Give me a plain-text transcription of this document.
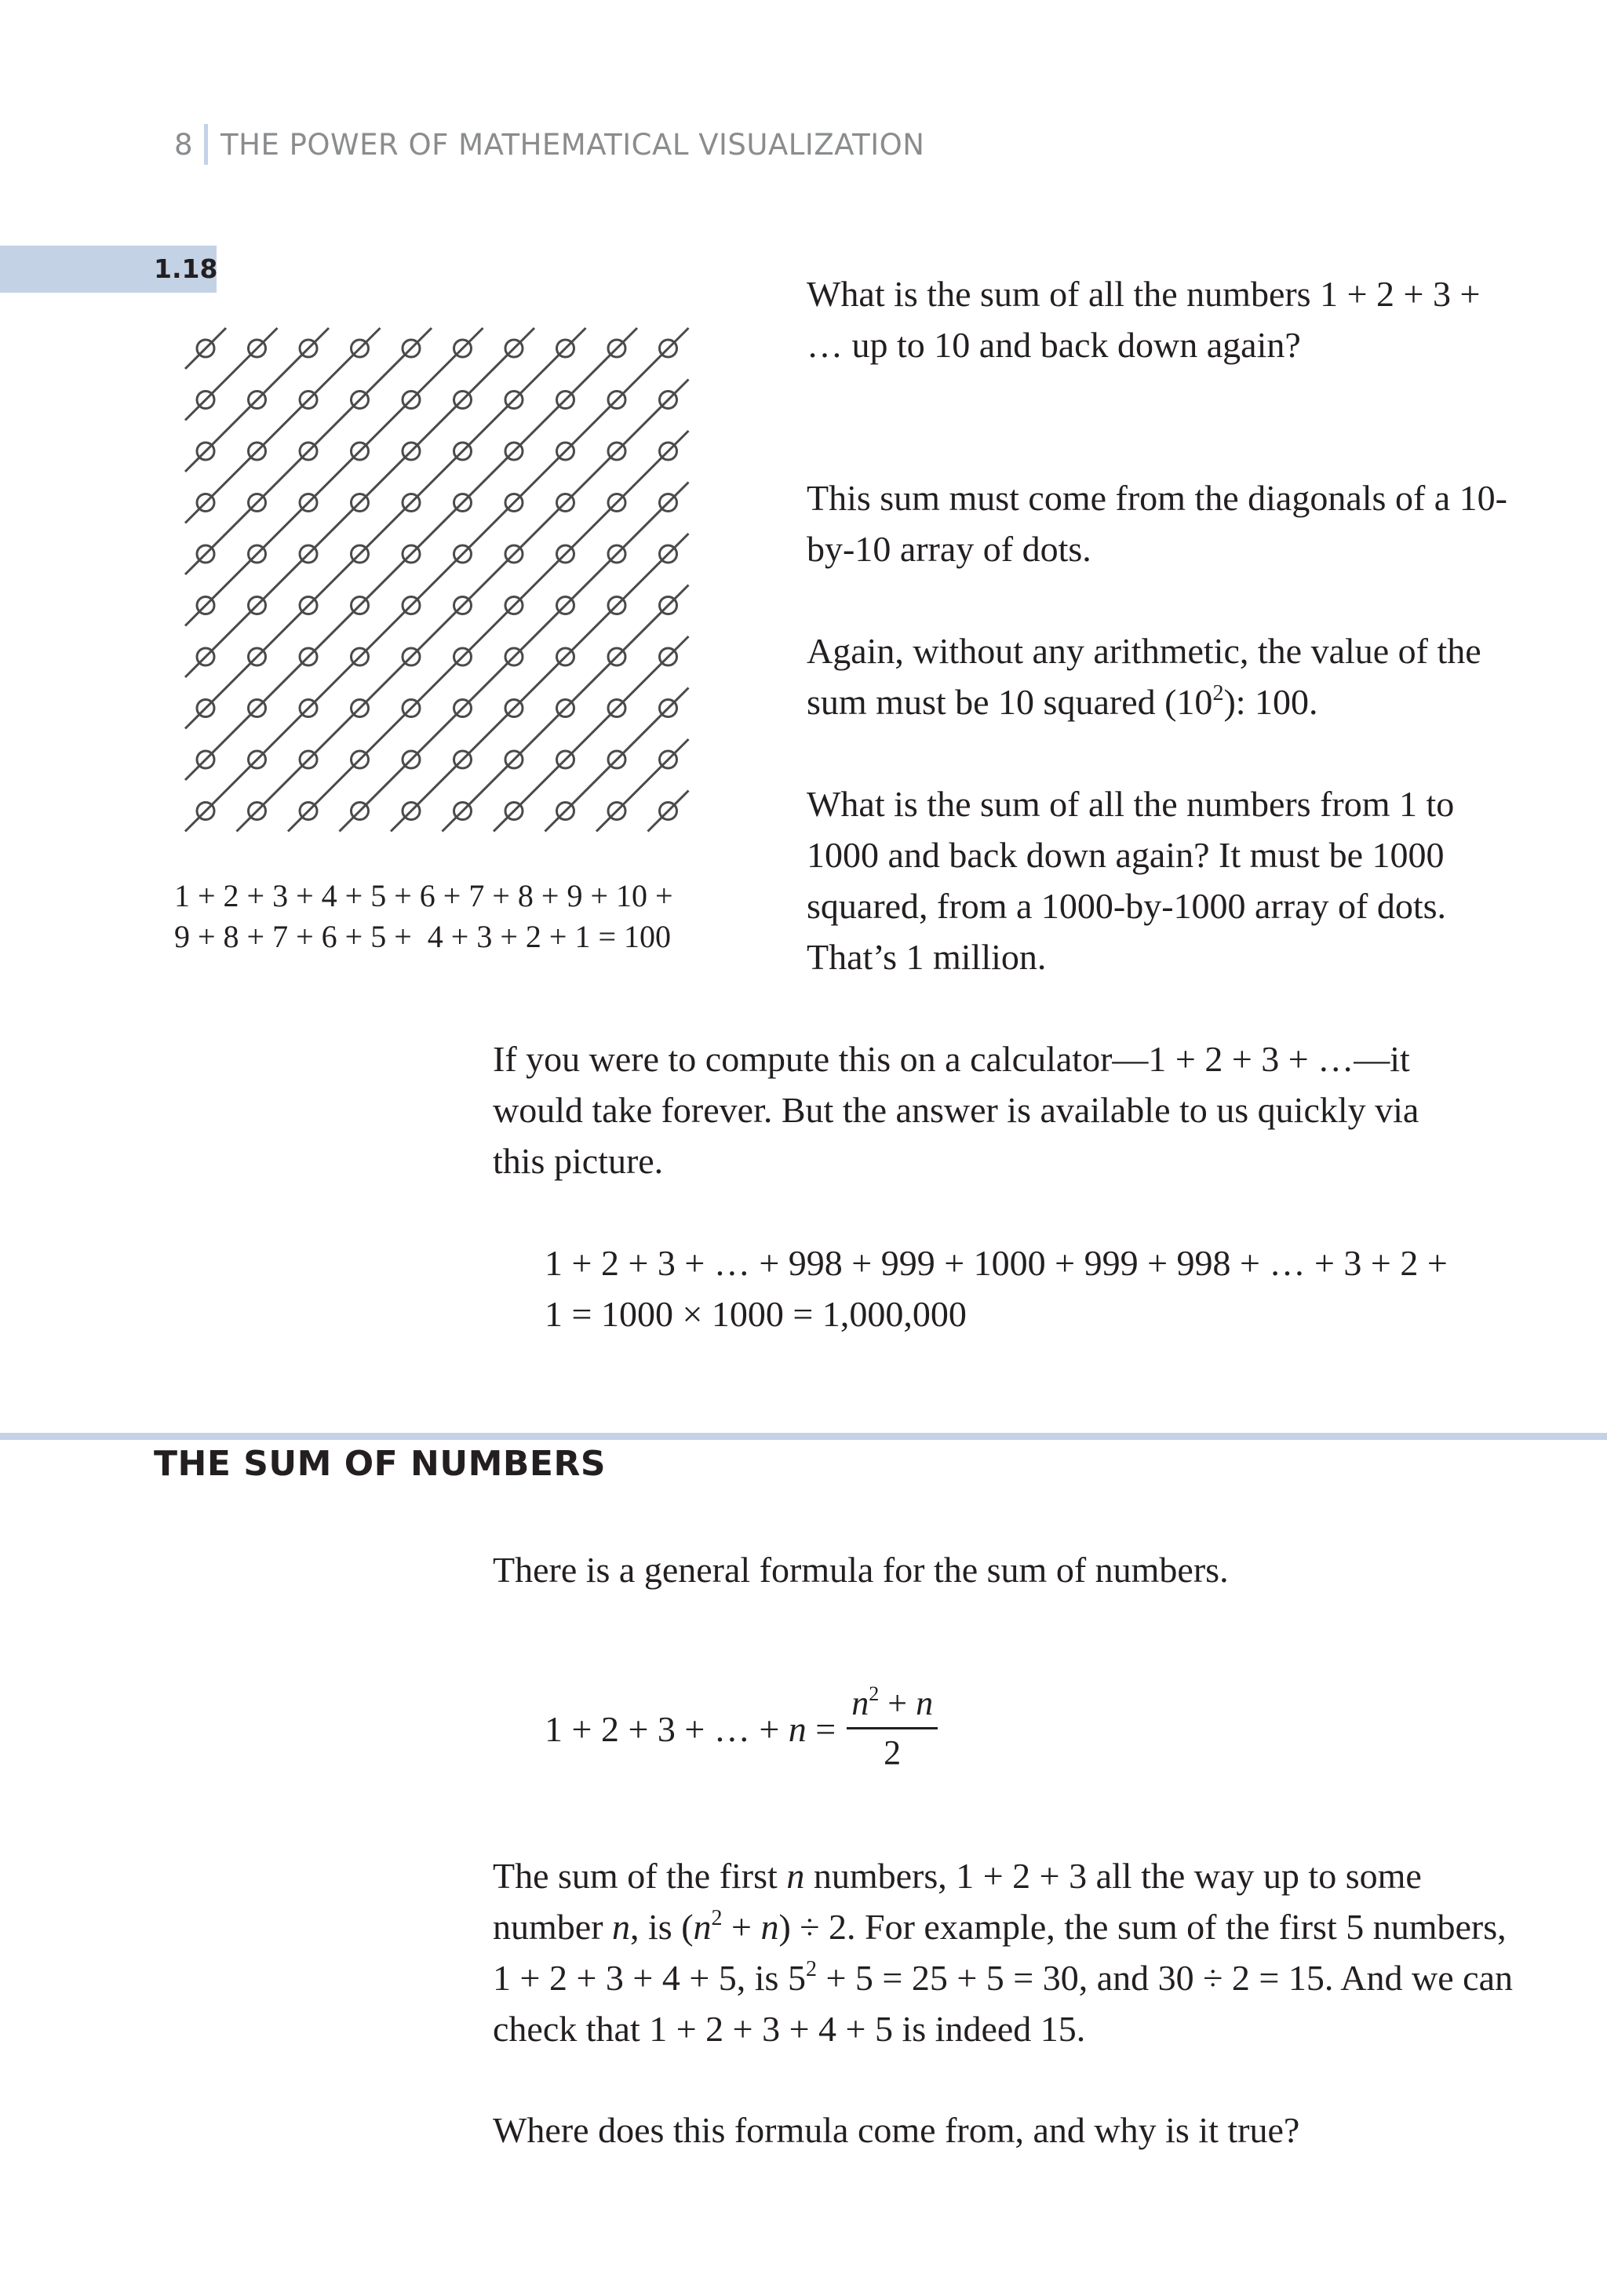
8 THE POWER OF MATHEMATICAL VISUALIZATION
1.18
1 + 2 + 3 + 4 + 5 + 6 + 7 + 8 + 9 + 10 +
9 + 8 + 7 + 6 + 5 +  4 + 3 + 2 + 1 = 100

What is the sum of all the numbers 1 + 2 + 3 + … up to 10 and back down again?

This sum must come from the diagonals of a 10-by-10 array of dots.

Again, without any arithmetic, the value of the sum must be 10 squared $(10^2)$: 100.

What is the sum of all the numbers from 1 to 1000 and back down again? It must be 1000 squared, from a 1000-by-1000 array of dots. That’s 1 million.

If you were to compute this on a calculator—1 + 2 + 3 + …—it would take forever. But the answer is available to us quickly via this picture.

1 + 2 + 3 + … + 998 + 999 + 1000 + 999 + 998 + … + 3 + 2 + 1 = 1000 × 1000 = 1,000,000

THE SUM OF NUMBERS

There is a general formula for the sum of numbers.

1 + 2 + 3 + … + $n = \frac{n^2 + n}{2}$

The sum of the first n numbers, 1 + 2 + 3 all the way up to some number n, is $(n^2 + n) \div 2$. For example, the sum of the first 5 numbers, 1 + 2 + 3 + 4 + 5, is $5^2 + 5 = 25 + 5 = 30$, and 30 ÷ 2 = 15. And we can check that 1 + 2 + 3 + 4 + 5 is indeed 15.

Where does this formula come from, and why is it true?
